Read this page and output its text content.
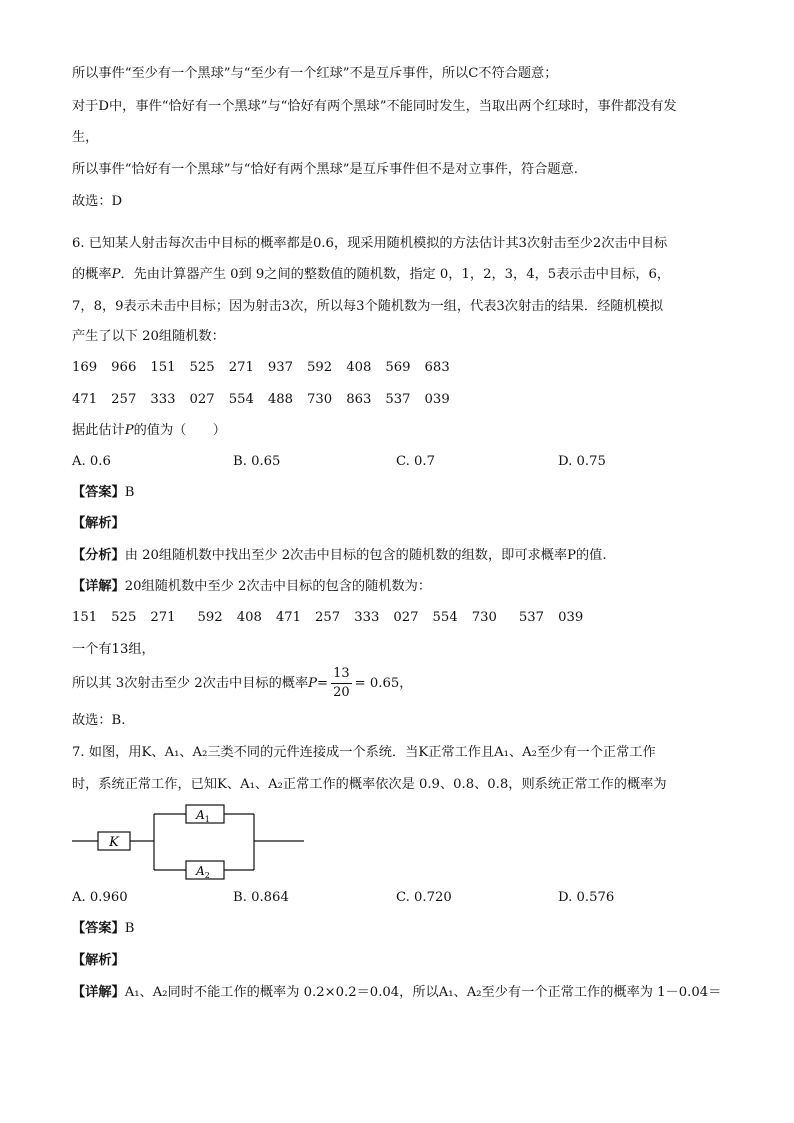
所以事件“至少有一个黑球”与“至少有一个红球”不是互斥事件，所以C不符合题意；
对于D中，事件“恰好有一个黑球”与“恰好有两个黑球”不能同时发生，当取出两个红球时，事件都没有发
生，
所以事件“恰好有一个黑球”与“恰好有两个黑球”是互斥事件但不是对立事件，符合题意.
故选：D
6. 已知某人射击每次击中目标的概率都是0.6，现采用随机模拟的方法估计其3次射击至少2次击中目标
的概率P．先由计算器产生 0到 9之间的整数值的随机数，指定 0，1，2，3，4，5表示击中目标，6，
7，8，9表示未击中目标；因为射击3次，所以每3个随机数为一组，代表3次射击的结果．经随机模拟
产生了以下 20组随机数：
169 966 151 525 271 937 592 408 569 683
471 257 333 027 554 488 730 863 537 039
据此估计P的值为（　　）
A. 0.6	B. 0.65	C. 0.7	D. 0.75
【答案】B
【解析】
【分析】由 20组随机数中找出至少 2次击中目标的包含的随机数的组数，即可求概率P的值.
【详解】20组随机数中至少 2次击中目标的包含的随机数为：
151 525 271 592 408 471 257 333 027 554 730 537 039
一个有13组，
所以其 3次射击至少 2次击中目标的概率$P= \frac{13}{20} = 0.65$，
故选：B.
7. 如图，用K、A₁、A₂三类不同的元件连接成一个系统．当K正常工作且A₁、A₂至少有一个正常工作
时，系统正常工作，已知K、A₁、A₂正常工作的概率依次是 0.9、0.8、0.8，则系统正常工作的概率为
K
$A_1$
$A_2$
A. 0.960	B. 0.864	C. 0.720	D. 0.576
【答案】B
【解析】
【详解】A₁、A₂同时不能工作的概率为 0.2×0.2＝0.04，所以A₁、A₂至少有一个正常工作的概率为 1－0.04＝
